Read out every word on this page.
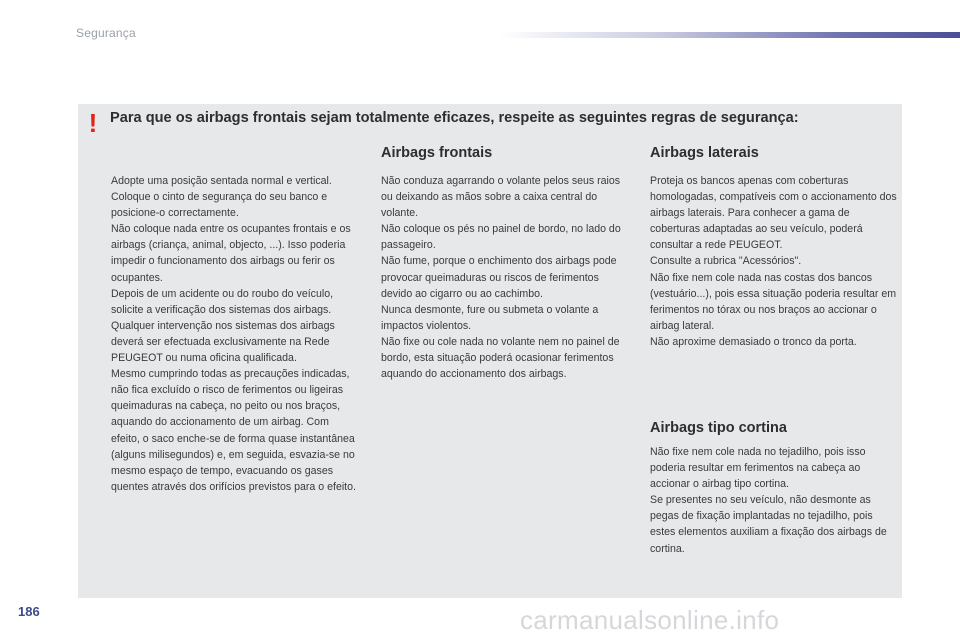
Segurança
! Para que os airbags frontais sejam totalmente eficazes, respeite as seguintes regras de segurança:
Adopte uma posição sentada normal e vertical.
Coloque o cinto de segurança do seu banco e posicione-o correctamente.
Não coloque nada entre os ocupantes frontais e os airbags (criança, animal, objecto, ...). Isso poderia impedir o funcionamento dos airbags ou ferir os ocupantes.
Depois de um acidente ou do roubo do veículo, solicite a verificação dos sistemas dos airbags.
Qualquer intervenção nos sistemas dos airbags deverá ser efectuada exclusivamente na Rede PEUGEOT ou numa oficina qualificada.
Mesmo cumprindo todas as precauções indicadas, não fica excluído o risco de ferimentos ou ligeiras queimaduras na cabeça, no peito ou nos braços, aquando do accionamento de um airbag. Com efeito, o saco enche-se de forma quase instantânea (alguns milisegundos) e, em seguida, esvazia-se no mesmo espaço de tempo, evacuando os gases quentes através dos orifícios previstos para o efeito.
Airbags frontais
Não conduza agarrando o volante pelos seus raios ou deixando as mãos sobre a caixa central do volante.
Não coloque os pés no painel de bordo, no lado do passageiro.
Não fume, porque o enchimento dos airbags pode provocar queimaduras ou riscos de ferimentos devido ao cigarro ou ao cachimbo.
Nunca desmonte, fure ou submeta o volante a impactos violentos.
Não fixe ou cole nada no volante nem no painel de bordo, esta situação poderá ocasionar ferimentos aquando do accionamento dos airbags.
Airbags laterais
Proteja os bancos apenas com coberturas homologadas, compatíveis com o accionamento dos airbags laterais. Para conhecer a gama de coberturas adaptadas ao seu veículo, poderá consultar a rede PEUGEOT.
Consulte a rubrica "Acessórios".
Não fixe nem cole nada nas costas dos bancos (vestuário...), pois essa situação poderia resultar em ferimentos no tórax ou nos braços ao accionar o airbag lateral.
Não aproxime demasiado o tronco da porta.
Airbags tipo cortina
Não fixe nem cole nada no tejadilho, pois isso poderia resultar em ferimentos na cabeça ao accionar o airbag tipo cortina.
Se presentes no seu veículo, não desmonte as pegas de fixação implantadas no tejadilho, pois estes elementos auxiliam a fixação dos airbags de cortina.
186	carmanualsonline.info
